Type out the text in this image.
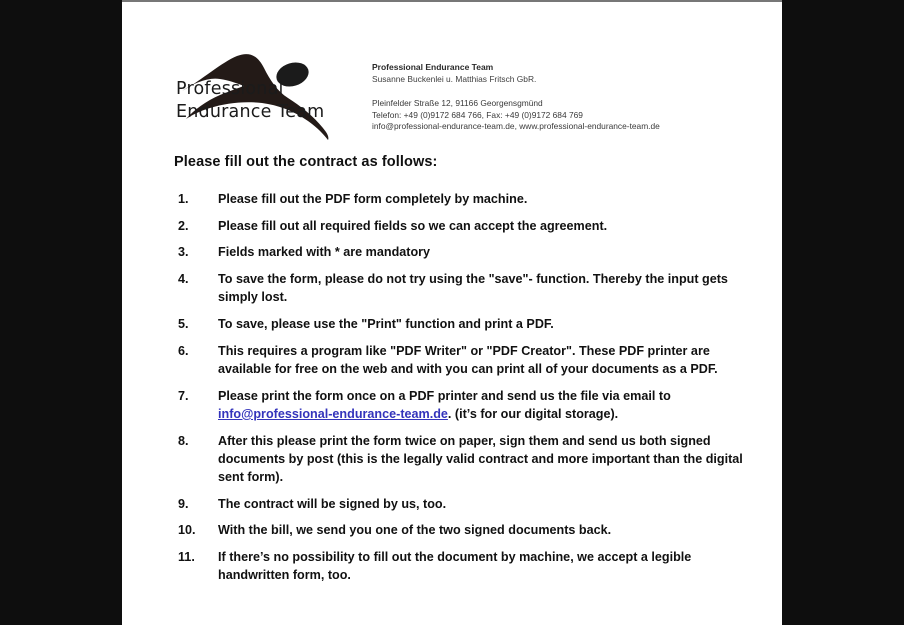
Professional
Endurance Team
Professional Endurance Team
Susanne Buckenlei u. Matthias Fritsch GbR.
Pleinfelder Straße 12, 91166 Georgensgmünd
Telefon: +49 (0)9172 684 766, Fax: +49 (0)9172 684 769
info@professional-endurance-team.de, www.professional-endurance-team.de
Please fill out the contract as follows:
1.	Please fill out the PDF form completely by machine.
2.	Please fill out all required fields so we can accept the agreement.
3.	Fields marked with * are mandatory
4.	To save the form, please do not try using the "save"- function. Thereby the input gets simply lost.
5.	To save, please use the "Print" function and print a PDF.
6.	This requires a program like "PDF Writer" or "PDF Creator". These PDF printer are available for free on the web and with you can print all of your documents as a PDF.
7.	Please print the form once on a PDF printer and send us the file via email to info@professional-endurance-team.de. (it’s for our digital storage).
8.	After this please print the form twice on paper, sign them and send us both signed documents by post (this is the legally valid contract and more important than the digital sent form).
9.	The contract will be signed by us, too.
10.	With the bill, we send you one of the two signed documents back.
11.	If there’s no possibility to fill out the document by machine, we accept a legible handwritten form, too.
